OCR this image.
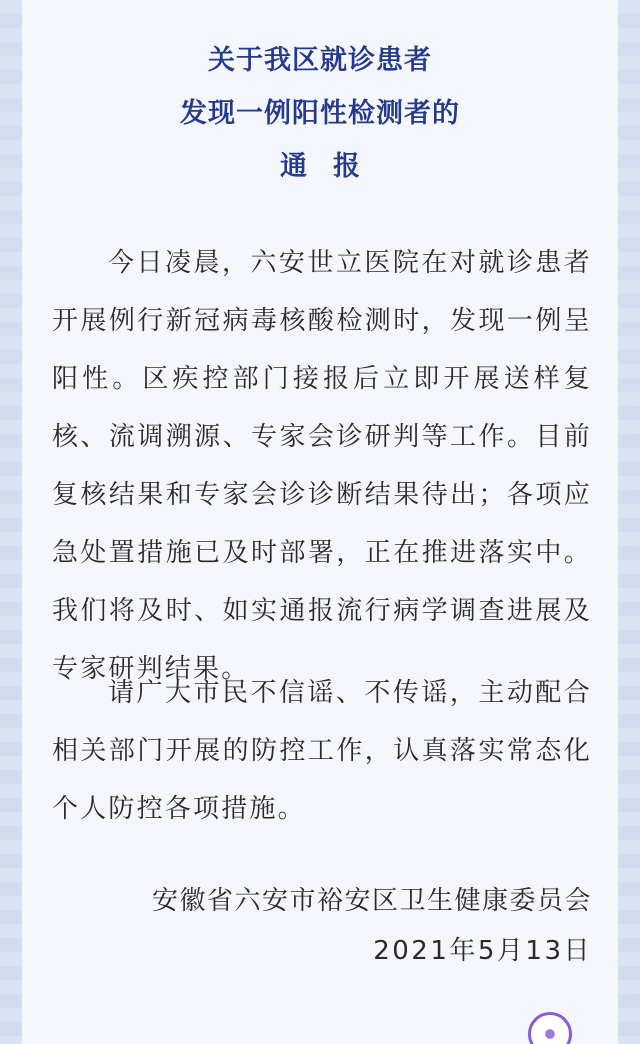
关于我区就诊患者
发现一例阳性检测者的
通报

今日凌晨，六安世立医院在对就诊患者开展例行新冠病毒核酸检测时，发现一例呈阳性。区疾控部门接报后立即开展送样复核、流调溯源、专家会诊研判等工作。目前复核结果和专家会诊诊断结果待出；各项应急处置措施已及时部署，正在推进落实中。我们将及时、如实通报流行病学调查进展及专家研判结果。

请广大市民不信谣、不传谣，主动配合相关部门开展的防控工作，认真落实常态化个人防控各项措施。

安徽省六安市裕安区卫生健康委员会
2021年5月13日
